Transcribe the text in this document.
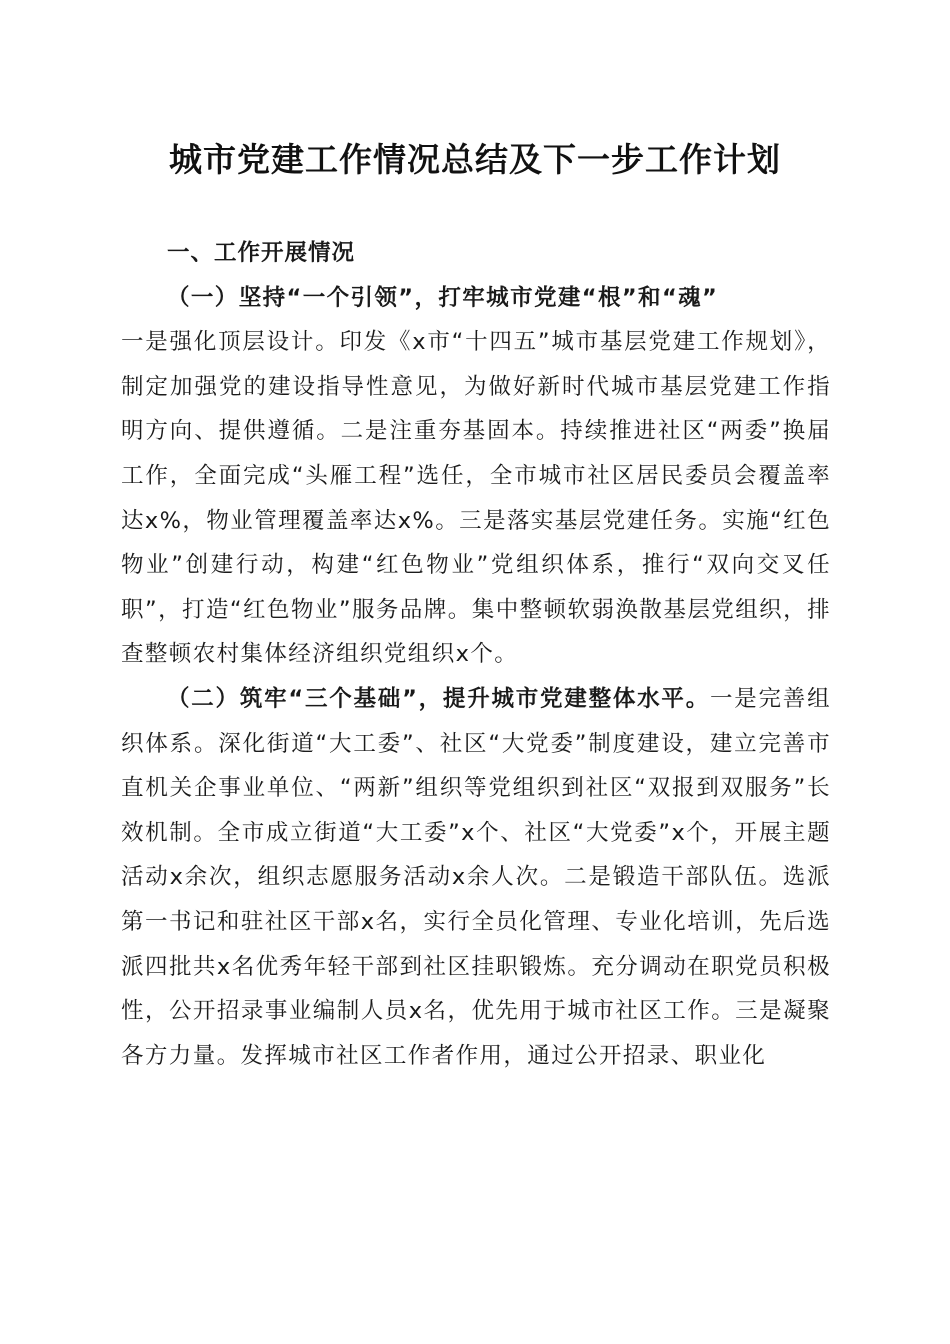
城市党建工作情况总结及下一步工作计划

一、工作开展情况

（一）坚持“一个引领”，打牢城市党建“根”和“魂”

一是强化顶层设计。印发《x市“十四五”城市基层党建工作规划》，制定加强党的建设指导性意见，为做好新时代城市基层党建工作指明方向、提供遵循。二是注重夯基固本。持续推进社区“两委”换届工作，全面完成“头雁工程”选任，全市城市社区居民委员会覆盖率达x%，物业管理覆盖率达x%。三是落实基层党建任务。实施“红色物业”创建行动，构建“红色物业”党组织体系，推行“双向交叉任职”，打造“红色物业”服务品牌。集中整顿软弱涣散基层党组织，排查整顿农村集体经济组织党组织x个。

（二）筑牢“三个基础”，提升城市党建整体水平。一是完善组织体系。深化街道“大工委”、社区“大党委”制度建设，建立完善市直机关企事业单位、“两新”组织等党组织到社区“双报到双服务”长效机制。全市成立街道“大工委”x个、社区“大党委”x个，开展主题活动x余次，组织志愿服务活动x余人次。二是锻造干部队伍。选派第一书记和驻社区干部x名，实行全员化管理、专业化培训，先后选派四批共x名优秀年轻干部到社区挂职锻炼。充分调动在职党员积极性，公开招录事业编制人员x名，优先用于城市社区工作。三是凝聚各方力量。发挥城市社区工作者作用，通过公开招录、职业化
